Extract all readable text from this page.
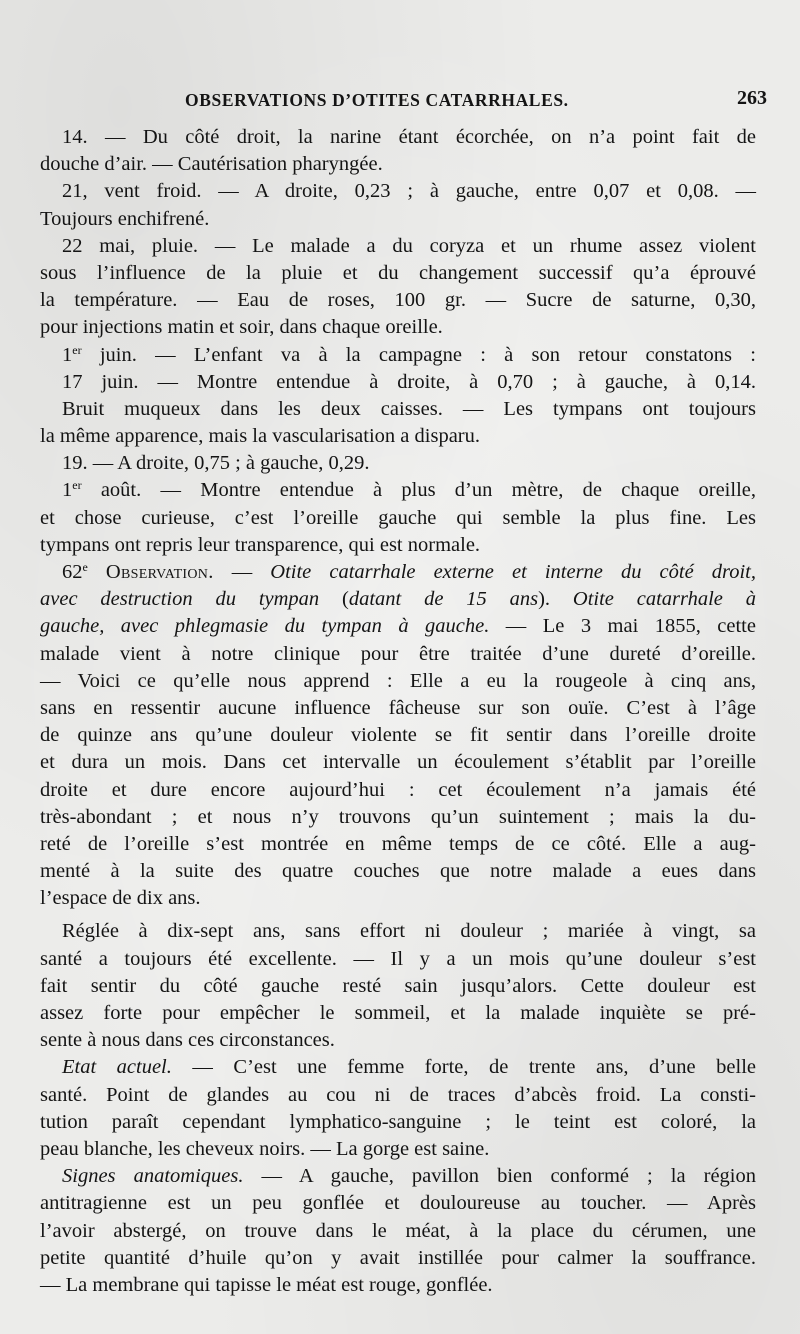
OBSERVATIONS D’OTITES CATARRHALES.	263
14. — Du côté droit, la narine étant écorchée, on n’a point fait de
douche d’air. — Cautérisation pharyngée.
21, vent froid. — A droite, 0,23 ; à gauche, entre 0,07 et 0,08. —
Toujours enchifrené.
22 mai, pluie. — Le malade a du coryza et un rhume assez violent
sous l’influence de la pluie et du changement successif qu’a éprouvé
la température. — Eau de roses, 100 gr. — Sucre de saturne, 0,30,
pour injections matin et soir, dans chaque oreille.
1er juin. — L’enfant va à la campagne : à son retour constatons :
17 juin. — Montre entendue à droite, à 0,70 ; à gauche, à 0,14.
Bruit muqueux dans les deux caisses. — Les tympans ont toujours
la même apparence, mais la vascularisation a disparu.
19. — A droite, 0,75 ; à gauche, 0,29.
1er août. — Montre entendue à plus d’un mètre, de chaque oreille,
et chose curieuse, c’est l’oreille gauche qui semble la plus fine. Les
tympans ont repris leur transparence, qui est normale.
62e Observation. — Otite catarrhale externe et interne du côté droit,
avec destruction du tympan (datant de 15 ans). Otite catarrhale à
gauche, avec phlegmasie du tympan à gauche. — Le 3 mai 1855, cette
malade vient à notre clinique pour être traitée d’une dureté d’oreille.
— Voici ce qu’elle nous apprend : Elle a eu la rougeole à cinq ans,
sans en ressentir aucune influence fâcheuse sur son ouïe. C’est à l’âge
de quinze ans qu’une douleur violente se fit sentir dans l’oreille droite
et dura un mois. Dans cet intervalle un écoulement s’établit par l’oreille
droite et dure encore aujourd’hui : cet écoulement n’a jamais été
très-abondant ; et nous n’y trouvons qu’un suintement ; mais la du-
reté de l’oreille s’est montrée en même temps de ce côté. Elle a aug-
menté à la suite des quatre couches que notre malade a eues dans
l’espace de dix ans.
Réglée à dix-sept ans, sans effort ni douleur ; mariée à vingt, sa
santé a toujours été excellente. — Il y a un mois qu’une douleur s’est
fait sentir du côté gauche resté sain jusqu’alors. Cette douleur est
assez forte pour empêcher le sommeil, et la malade inquiète se pré-
sente à nous dans ces circonstances.
Etat actuel. — C’est une femme forte, de trente ans, d’une belle
santé. Point de glandes au cou ni de traces d’abcès froid. La consti-
tution paraît cependant lymphatico-sanguine ; le teint est coloré, la
peau blanche, les cheveux noirs. — La gorge est saine.
Signes anatomiques. — A gauche, pavillon bien conformé ; la région
antitragienne est un peu gonflée et douloureuse au toucher. — Après
l’avoir abstergé, on trouve dans le méat, à la place du cérumen, une
petite quantité d’huile qu’on y avait instillée pour calmer la souffrance.
— La membrane qui tapisse le méat est rouge, gonflée.
